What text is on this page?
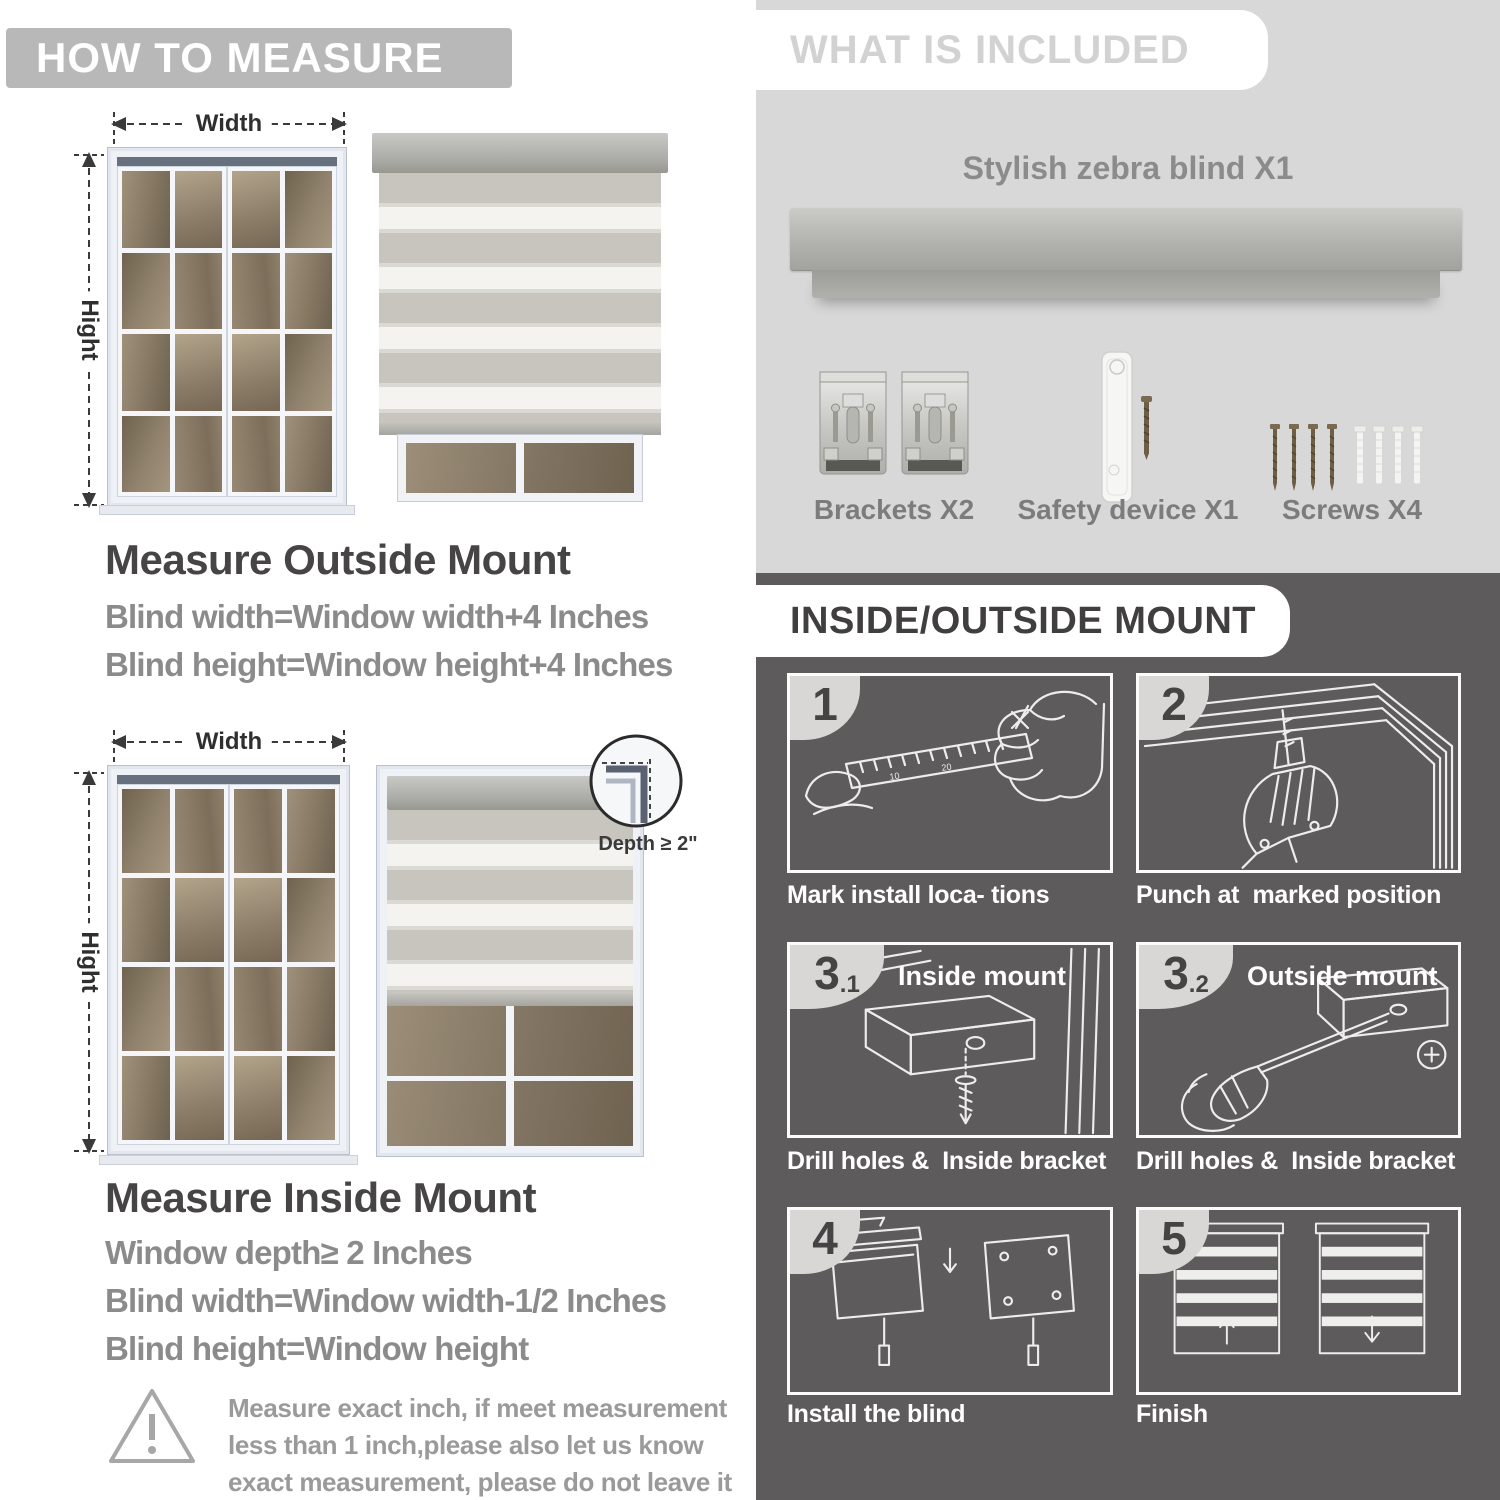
HOW TO MEASURE
Width
Hight
Measure Outside Mount
Blind width=Window width+4 Inches
Blind height=Window height+4 Inches
Width
Hight
Depth ≥ 2"
Measure Inside Mount
Window depth≥ 2 Inches
Blind width=Window width-1/2 Inches
Blind height=Window height
Measure exact inch, if meet measurement less than 1 inch,please also let us know exact measurement, please do not leave it
WHAT IS INCLUDED
Stylish zebra blind X1
Brackets X2 Safety device X1 Screws X4
INSIDE/OUTSIDE MOUNT
10
20
1	2
Mark install loca- tions	Punch at  marked position
3 .1 Inside mount 3 .2 Outside mount
Drill holes &  Inside bracket Drill holes &  Inside bracket
4	5
Install the blind	Finish
